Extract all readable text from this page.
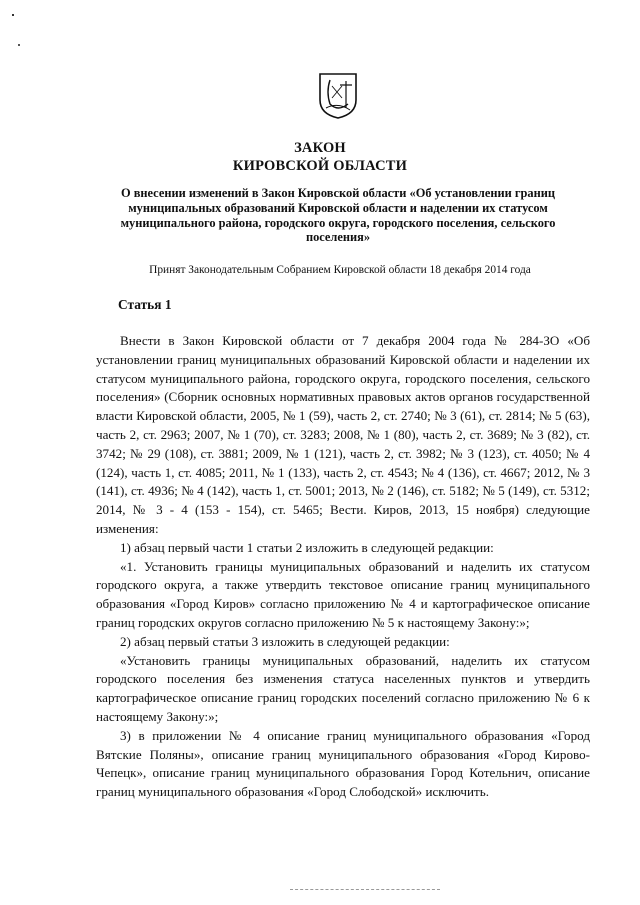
ЗАКОН
КИРОВСКОЙ ОБЛАСТИ
О внесении изменений в Закон Кировской области «Об установлении границ муниципальных образований Кировской области и наделении их статусом муниципального района, городского округа, городского поселения, сельского поселения»
Принят Законодательным Собранием Кировской области 18 декабря 2014 года
Статья 1

Внести в Закон Кировской области от 7 декабря 2004 года № 284-ЗО «Об установлении границ муниципальных образований Кировской области и наделении их статусом муниципального района, городского округа, городского поселения, сельского поселения» (Сборник основных нормативных правовых актов органов государственной власти Кировской области, 2005, № 1 (59), часть 2, ст. 2740; № 3 (61), ст. 2814; № 5 (63), часть 2, ст. 2963; 2007, № 1 (70), ст. 3283; 2008, № 1 (80), часть 2, ст. 3689; № 3 (82), ст. 3742; № 29 (108), ст. 3881; 2009, № 1 (121), часть 2, ст. 3982; № 3 (123), ст. 4050; № 4 (124), часть 1, ст. 4085; 2011, № 1 (133), часть 2, ст. 4543; № 4 (136), ст. 4667; 2012, № 3 (141), ст. 4936; № 4 (142), часть 1, ст. 5001; 2013, № 2 (146), ст. 5182; № 5 (149), ст. 5312; 2014, № 3 - 4 (153 - 154), ст. 5465; Вести. Киров, 2013, 15 ноября) следующие изменения:

1) абзац первый части 1 статьи 2 изложить в следующей редакции:

«1. Установить границы муниципальных образований и наделить их статусом городского округа, а также утвердить текстовое описание границ муниципального образования «Город Киров» согласно приложению № 4 и картографическое описание границ городских округов согласно приложению № 5 к настоящему Закону:»;

2) абзац первый статьи 3 изложить в следующей редакции:

«Установить границы муниципальных образований, наделить их статусом городского поселения без изменения статуса населенных пунктов и утвердить картографическое описание границ городских поселений согласно приложению № 6 к настоящему Закону:»;

3) в приложении № 4 описание границ муниципального образования «Город Вятские Поляны», описание границ муниципального образования «Город Кирово-Чепецк», описание границ муниципального образования Город Котельнич, описание границ муниципального образования «Город Слободской» исключить.
